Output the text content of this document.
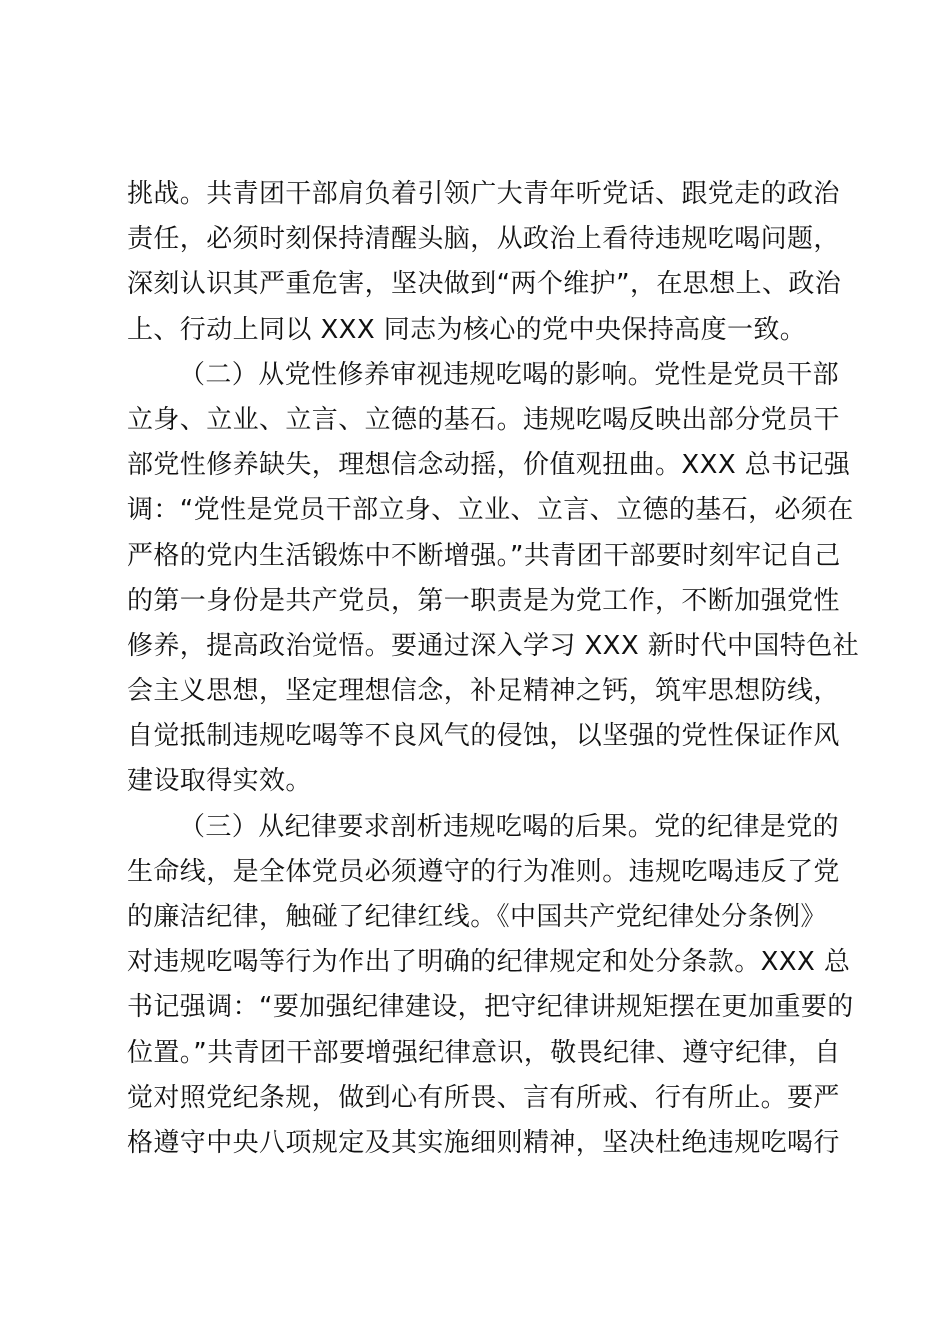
挑战。共青团干部肩负着引领广大青年听党话、跟党走的政治
责任，必须时刻保持清醒头脑，从政治上看待违规吃喝问题，
深刻认识其严重危害，坚决做到“两个维护”，在思想上、政治
上、行动上同以 XXX 同志为核心的党中央保持高度一致。
（二）从党性修养审视违规吃喝的影响。党性是党员干部
立身、立业、立言、立德的基石。违规吃喝反映出部分党员干
部党性修养缺失，理想信念动摇，价值观扭曲。XXX 总书记强
调：“党性是党员干部立身、立业、立言、立德的基石，必须在
严格的党内生活锻炼中不断增强。”共青团干部要时刻牢记自己
的第一身份是共产党员，第一职责是为党工作，不断加强党性
修养，提高政治觉悟。要通过深入学习 XXX 新时代中国特色社
会主义思想，坚定理想信念，补足精神之钙，筑牢思想防线，
自觉抵制违规吃喝等不良风气的侵蚀，以坚强的党性保证作风
建设取得实效。
（三）从纪律要求剖析违规吃喝的后果。党的纪律是党的
生命线，是全体党员必须遵守的行为准则。违规吃喝违反了党
的廉洁纪律，触碰了纪律红线。《中国共产党纪律处分条例》
对违规吃喝等行为作出了明确的纪律规定和处分条款。XXX 总
书记强调：“要加强纪律建设，把守纪律讲规矩摆在更加重要的
位置。”共青团干部要增强纪律意识，敬畏纪律、遵守纪律，自
觉对照党纪条规，做到心有所畏、言有所戒、行有所止。要严
格遵守中央八项规定及其实施细则精神，坚决杜绝违规吃喝行
